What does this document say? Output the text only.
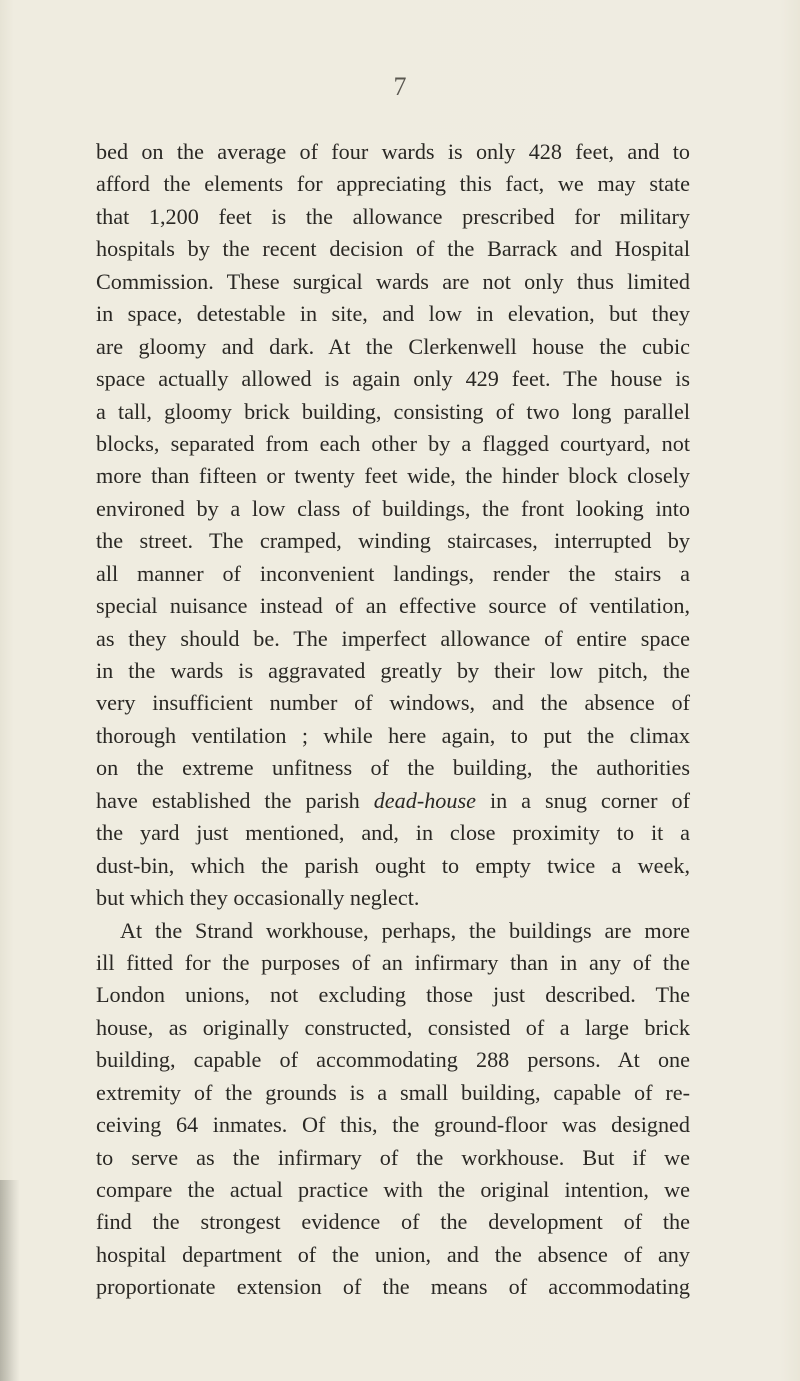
7
bed on the average of four wards is only 428 feet, and to
afford the elements for appreciating this fact, we may state
that 1,200 feet is the allowance prescribed for military
hospitals by the recent decision of the Barrack and Hospital
Commission. These surgical wards are not only thus limited
in space, detestable in site, and low in elevation, but they
are gloomy and dark. At the Clerkenwell house the cubic
space actually allowed is again only 429 feet. The house is
a tall, gloomy brick building, consisting of two long parallel
blocks, separated from each other by a flagged courtyard, not
more than fifteen or twenty feet wide, the hinder block closely
environed by a low class of buildings, the front looking into
the street. The cramped, winding staircases, interrupted by
all manner of inconvenient landings, render the stairs a
special nuisance instead of an effective source of ventilation,
as they should be. The imperfect allowance of entire space
in the wards is aggravated greatly by their low pitch, the
very insufficient number of windows, and the absence of
thorough ventilation ; while here again, to put the climax
on the extreme unfitness of the building, the authorities
have established the parish dead-house in a snug corner of
the yard just mentioned, and, in close proximity to it a
dust-bin, which the parish ought to empty twice a week,
but which they occasionally neglect.
At the Strand workhouse, perhaps, the buildings are more
ill fitted for the purposes of an infirmary than in any of the
London unions, not excluding those just described. The
house, as originally constructed, consisted of a large brick
building, capable of accommodating 288 persons. At one
extremity of the grounds is a small building, capable of re-
ceiving 64 inmates. Of this, the ground-floor was designed
to serve as the infirmary of the workhouse. But if we
compare the actual practice with the original intention, we
find the strongest evidence of the development of the
hospital department of the union, and the absence of any
proportionate extension of the means of accommodating
